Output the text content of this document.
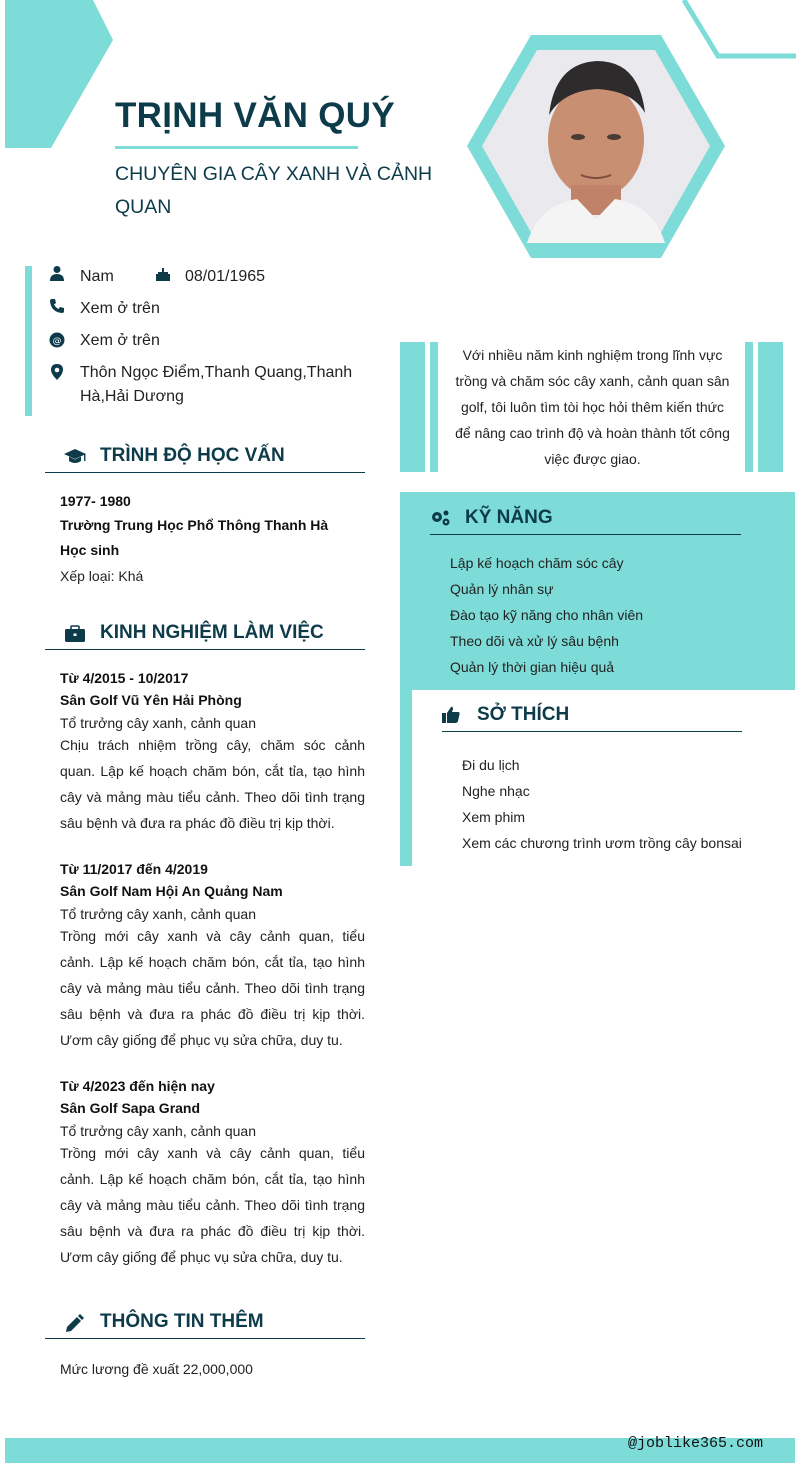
TRỊNH VĂN QUÝ
CHUYÊN GIA CÂY XANH VÀ CẢNH QUAN
Nam	08/01/1965
Xem ở trên
@ Xem ở trên
Thôn Ngọc Điểm,Thanh Quang,Thanh Hà,Hải Dương
Với nhiều năm kinh nghiệm trong lĩnh vực trồng và chăm sóc cây xanh, cảnh quan sân golf, tôi luôn tìm tòi học hỏi thêm kiến thức để nâng cao trình độ và hoàn thành tốt công việc được giao.
TRÌNH ĐỘ HỌC VẤN
1977- 1980
Trường Trung Học Phổ Thông Thanh Hà
Học sinh
Xếp loại: Khá
KINH NGHIỆM LÀM VIỆC
Từ 4/2015 - 10/2017
Sân Golf Vũ Yên Hải Phòng
Tổ trưởng cây xanh, cảnh quan
Chịu trách nhiệm trồng cây, chăm sóc cảnh quan. Lập kế hoạch chăm bón, cắt tỉa, tạo hình cây và mảng màu tiểu cảnh. Theo dõi tình trạng sâu bệnh và đưa ra phác đồ điều trị kịp thời.
Từ 11/2017 đến 4/2019
Sân Golf Nam Hội An Quảng Nam
Tổ trưởng cây xanh, cảnh quan
Trồng mới cây xanh và cây cảnh quan, tiểu cảnh. Lập kế hoạch chăm bón, cắt tỉa, tạo hình cây và mảng màu tiểu cảnh. Theo dõi tình trạng sâu bệnh và đưa ra phác đồ điều trị kịp thời. Ươm cây giống để phục vụ sửa chữa, duy tu.
Từ 4/2023 đến hiện nay
Sân Golf Sapa Grand
Tổ trưởng cây xanh, cảnh quan
Trồng mới cây xanh và cây cảnh quan, tiểu cảnh. Lập kế hoạch chăm bón, cắt tỉa, tạo hình cây và mảng màu tiểu cảnh. Theo dõi tình trạng sâu bệnh và đưa ra phác đồ điều trị kịp thời. Ươm cây giống để phục vụ sửa chữa, duy tu.
THÔNG TIN THÊM
Mức lương đề xuất 22,000,000
KỸ NĂNG
Lập kế hoạch chăm sóc cây
Quản lý nhân sự
Đào tạo kỹ năng cho nhân viên
Theo dõi và xử lý sâu bệnh
Quản lý thời gian hiệu quả
SỞ THÍCH
Đi du lịch
Nghe nhạc
Xem phim
Xem các chương trình ươm trồng cây bonsai
@joblike365.com
